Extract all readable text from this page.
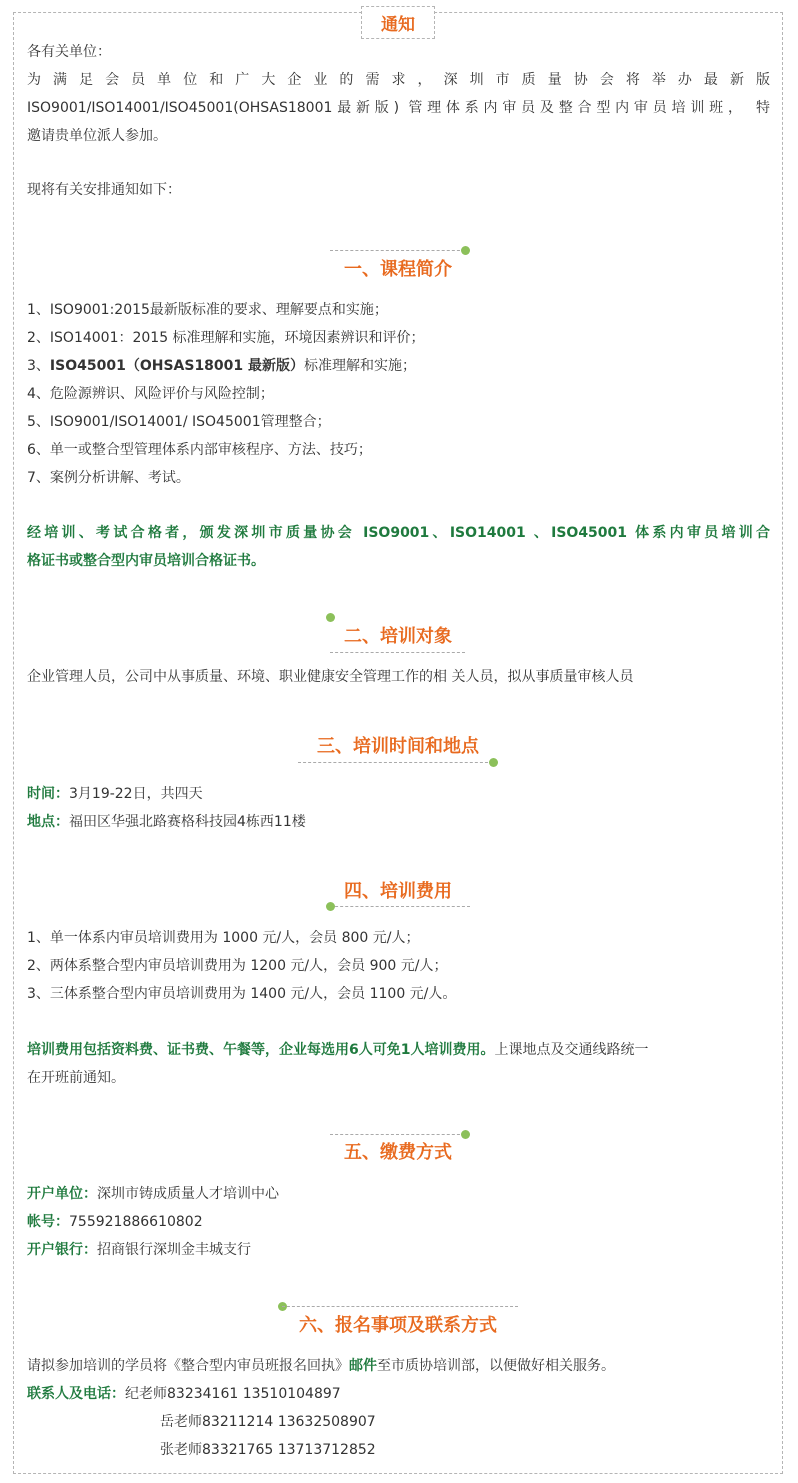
通知
各有关单位：
为满足会员单位和广大企业的需求，深圳市质量协会将举办最新版
ISO9001/ISO14001/ISO45001(OHSAS18001最新版) 管理体系内审员及整合型内审员培训班， 特
邀请贵单位派人参加。
现将有关安排通知如下：
一、课程简介
1、ISO9001:2015最新版标准的要求、理解要点和实施；
2、ISO14001：2015 标准理解和实施，环境因素辨识和评价；
3、ISO45001（OHSAS18001 最新版）标准理解和实施；
4、危险源辨识、风险评价与风险控制；
5、ISO9001/ISO14001/ ISO45001管理整合；
6、单一或整合型管理体系内部审核程序、方法、技巧；
7、案例分析讲解、考试。
经培训、考试合格者，颁发深圳市质量协会 ISO9001、ISO14001 、ISO45001 体系内审员培训合
格证书或整合型内审员培训合格证书。
二、培训对象
企业管理人员，公司中从事质量、环境、职业健康安全管理工作的相 关人员，拟从事质量审核人员
三、培训时间和地点
时间：3月19-22日，共四天
地点：福田区华强北路赛格科技园4栋西11楼
四、培训费用
1、单一体系内审员培训费用为 1000 元/人，会员 800 元/人；
2、两体系整合型内审员培训费用为 1200 元/人，会员 900 元/人；
3、三体系整合型内审员培训费用为 1400 元/人，会员 1100 元/人。
培训费用包括资料费、证书费、午餐等，企业每选用6人可免1人培训费用。上课地点及交通线路统一
在开班前通知。
五、缴费方式
开户单位：深圳市铸成质量人才培训中心
帐号：755921886610802
开户银行：招商银行深圳金丰城支行
六、报名事项及联系方式
请拟参加培训的学员将《整合型内审员班报名回执》邮件至市质协培训部，以便做好相关服务。
联系人及电话：纪老师83234161 13510104897
岳老师83211214 13632508907
张老师83321765 13713712852
